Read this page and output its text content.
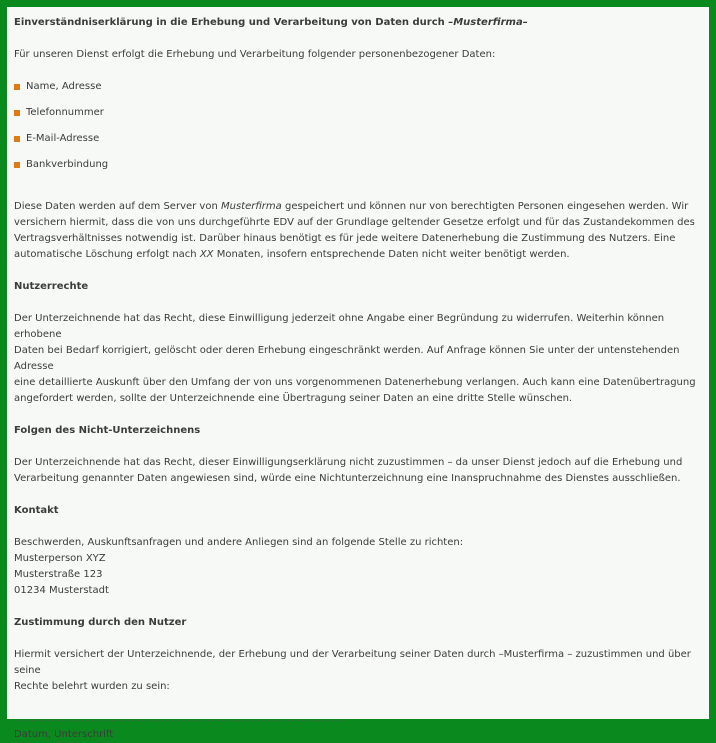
Einverständniserklärung in die Erhebung und Verarbeitung von Daten durch –Musterfirma–

Für unseren Dienst erfolgt die Erhebung und Verarbeitung folgender personenbezogener Daten:

Name, Adresse
Telefonnummer
E-Mail-Adresse
Bankverbindung

Diese Daten werden auf dem Server von Musterfirma gespeichert und können nur von berechtigten Personen eingesehen werden. Wir

versichern hiermit, dass die von uns durchgeführte EDV auf der Grundlage geltender Gesetze erfolgt und für das Zustandekommen des

Vertragsverhältnisses notwendig ist. Darüber hinaus benötigt es für jede weitere Datenerhebung die Zustimmung des Nutzers. Eine

automatische Löschung erfolgt nach XX Monaten, insofern entsprechende Daten nicht weiter benötigt werden.

Nutzerrechte

Der Unterzeichnende hat das Recht, diese Einwilligung jederzeit ohne Angabe einer Begründung zu widerrufen. Weiterhin können erhobene

Daten bei Bedarf korrigiert, gelöscht oder deren Erhebung eingeschränkt werden. Auf Anfrage können Sie unter der untenstehenden Adresse

eine detaillierte Auskunft über den Umfang der von uns vorgenommenen Datenerhebung verlangen. Auch kann eine Datenübertragung

angefordert werden, sollte der Unterzeichnende eine Übertragung seiner Daten an eine dritte Stelle wünschen.

Folgen des Nicht-Unterzeichnens

Der Unterzeichnende hat das Recht, dieser Einwilligungserklärung nicht zuzustimmen – da unser Dienst jedoch auf die Erhebung und

Verarbeitung genannter Daten angewiesen sind, würde eine Nichtunterzeichnung eine Inanspruchnahme des Dienstes ausschließen.

Kontakt

Beschwerden, Auskunftsanfragen und andere Anliegen sind an folgende Stelle zu richten:

Musterperson XYZ

Musterstraße 123

01234 Musterstadt

Zustimmung durch den Nutzer

Hiermit versichert der Unterzeichnende, der Erhebung und der Verarbeitung seiner Daten durch –Musterfirma – zuzustimmen und über seine

Rechte belehrt wurden zu sein:

……………………………………… ………………………………………………

Datum, Unterschrift
